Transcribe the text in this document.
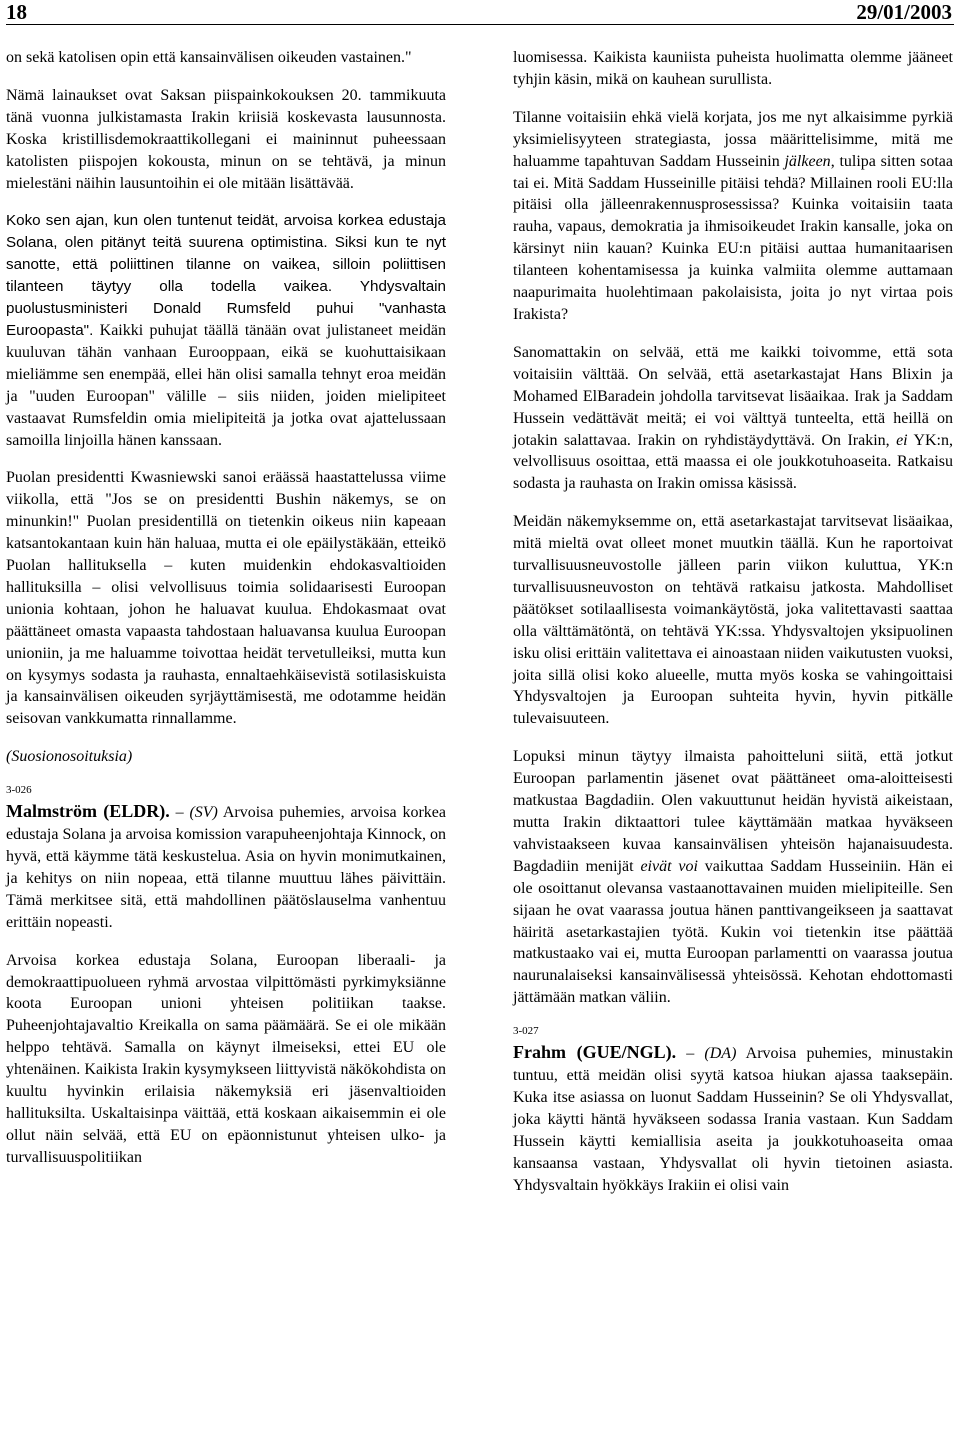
18	29/01/2003

on sekä katolisen opin että kansainvälisen oikeuden vastainen."

Nämä lainaukset ovat Saksan piispainkokouksen 20. tammikuuta tänä vuonna julkistamasta Irakin kriisiä koskevasta lausunnosta. Koska kristillisdemokraattikollegani ei maininnut puheessaan katolisten piispojen kokousta, minun on se tehtävä, ja minun mielestäni näihin lausuntoihin ei ole mitään lisättävää.

Koko sen ajan, kun olen tuntenut teidät, arvoisa korkea edustaja Solana, olen pitänyt teitä suurena optimistina. Siksi kun te nyt sanotte, että poliittinen tilanne on vaikea, silloin poliittisen tilanteen täytyy olla todella vaikea. Yhdysvaltain puolustusministeri Donald Rumsfeld puhui "vanhasta Euroopasta". Kaikki puhujat täällä tänään ovat julistaneet meidän kuuluvan tähän vanhaan Eurooppaan, eikä se kuohuttaisikaan mieliämme sen enempää, ellei hän olisi samalla tehnyt eroa meidän ja "uuden Euroopan" välille – siis niiden, joiden mielipiteet vastaavat Rumsfeldin omia mielipiteitä ja jotka ovat ajattelussaan samoilla linjoilla hänen kanssaan.

Puolan presidentti Kwasniewski sanoi eräässä haastattelussa viime viikolla, että "Jos se on presidentti Bushin näkemys, se on minunkin!" Puolan presidentillä on tietenkin oikeus niin kapeaan katsantokantaan kuin hän haluaa, mutta ei ole epäilystäkään, etteikö Puolan hallituksella – kuten muidenkin ehdokasvaltioiden hallituksilla – olisi velvollisuus toimia solidaarisesti Euroopan unionia kohtaan, johon he haluavat kuulua. Ehdokasmaat ovat päättäneet omasta vapaasta tahdostaan haluavansa kuulua Euroopan unioniin, ja me haluamme toivottaa heidät tervetulleiksi, mutta kun on kysymys sodasta ja rauhasta, ennaltaehkäisevistä sotilasiskuista ja kansainvälisen oikeuden syrjäyttämisestä, me odotamme heidän seisovan vankkumatta rinnallamme.

(Suosionosoituksia)

3-026

Malmström (ELDR). – (SV) Arvoisa puhemies, arvoisa korkea edustaja Solana ja arvoisa komission varapuheenjohtaja Kinnock, on hyvä, että käymme tätä keskustelua. Asia on hyvin monimutkainen, ja kehitys on niin nopeaa, että tilanne muuttuu lähes päivittäin. Tämä merkitsee sitä, että mahdollinen päätöslauselma vanhentuu erittäin nopeasti.

Arvoisa korkea edustaja Solana, Euroopan liberaali- ja demokraattipuolueen ryhmä arvostaa vilpittömästi pyrkimyksiänne koota Euroopan unioni yhteisen politiikan taakse. Puheenjohtajavaltio Kreikalla on sama päämäärä. Se ei ole mikään helppo tehtävä. Samalla on käynyt ilmeiseksi, ettei EU ole yhtenäinen. Kaikista Irakin kysymykseen liittyvistä näkökohdista on kuultu hyvinkin erilaisia näkemyksiä eri jäsenvaltioiden hallituksilta. Uskaltaisinpa väittää, että koskaan aikaisemmin ei ole ollut näin selvää, että EU on epäonnistunut yhteisen ulko- ja turvallisuuspolitiikan

luomisessa. Kaikista kauniista puheista huolimatta olemme jääneet tyhjin käsin, mikä on kauhean surullista.

Tilanne voitaisiin ehkä vielä korjata, jos me nyt alkaisimme pyrkiä yksimielisyyteen strategiasta, jossa määrittelisimme, mitä me haluamme tapahtuvan Saddam Husseinin jälkeen, tulipa sitten sotaa tai ei. Mitä Saddam Husseinille pitäisi tehdä? Millainen rooli EU:lla pitäisi olla jälleenrakennusprosessissa? Kuinka voitaisiin taata rauha, vapaus, demokratia ja ihmisoikeudet Irakin kansalle, joka on kärsinyt niin kauan? Kuinka EU:n pitäisi auttaa humanitaarisen tilanteen kohentamisessa ja kuinka valmiita olemme auttamaan naapurimaita huolehtimaan pakolaisista, joita jo nyt virtaa pois Irakista?

Sanomattakin on selvää, että me kaikki toivomme, että sota voitaisiin välttää. On selvää, että asetarkastajat Hans Blixin ja Mohamed ElBaradein johdolla tarvitsevat lisäaikaa. Irak ja Saddam Hussein vedättävät meitä; ei voi välttyä tunteelta, että heillä on jotakin salattavaa. Irakin on ryhdistäydyttävä. On Irakin, ei YK:n, velvollisuus osoittaa, että maassa ei ole joukkotuhoaseita. Ratkaisu sodasta ja rauhasta on Irakin omissa käsissä.

Meidän näkemyksemme on, että asetarkastajat tarvitsevat lisäaikaa, mitä mieltä ovat olleet monet muutkin täällä. Kun he raportoivat turvallisuusneuvostolle jälleen parin viikon kuluttua, YK:n turvallisuusneuvoston on tehtävä ratkaisu jatkosta. Mahdolliset päätökset sotilaallisesta voimankäytöstä, joka valitettavasti saattaa olla välttämätöntä, on tehtävä YK:ssa. Yhdysvaltojen yksipuolinen isku olisi erittäin valitettava ei ainoastaan niiden vaikutusten vuoksi, joita sillä olisi koko alueelle, mutta myös koska se vahingoittaisi Yhdysvaltojen ja Euroopan suhteita hyvin, hyvin pitkälle tulevaisuuteen.

Lopuksi minun täytyy ilmaista pahoitteluni siitä, että jotkut Euroopan parlamentin jäsenet ovat päättäneet oma-aloitteisesti matkustaa Bagdadiin. Olen vakuuttunut heidän hyvistä aikeistaan, mutta Irakin diktaattori tulee käyttämään matkaa hyväkseen vahvistaakseen kuvaa kansainvälisen yhteisön hajanaisuudesta. Bagdadiin menijät eivät voi vaikuttaa Saddam Husseiniin. Hän ei ole osoittanut olevansa vastaanottavainen muiden mielipiteille. Sen sijaan he ovat vaarassa joutua hänen panttivangeikseen ja saattavat häiritä asetarkastajien työtä. Kukin voi tietenkin itse päättää matkustaako vai ei, mutta Euroopan parlamentti on vaarassa joutua naurunalaiseksi kansainvälisessä yhteisössä. Kehotan ehdottomasti jättämään matkan väliin.

3-027

Frahm (GUE/NGL). – (DA) Arvoisa puhemies, minustakin tuntuu, että meidän olisi syytä katsoa hiukan ajassa taaksepäin. Kuka itse asiassa on luonut Saddam Husseinin? Se oli Yhdysvallat, joka käytti häntä hyväkseen sodassa Irania vastaan. Kun Saddam Hussein käytti kemiallisia aseita ja joukkotuhoaseita omaa kansaansa vastaan, Yhdysvallat oli hyvin tietoinen asiasta. Yhdysvaltain hyökkäys Irakiin ei olisi vain
